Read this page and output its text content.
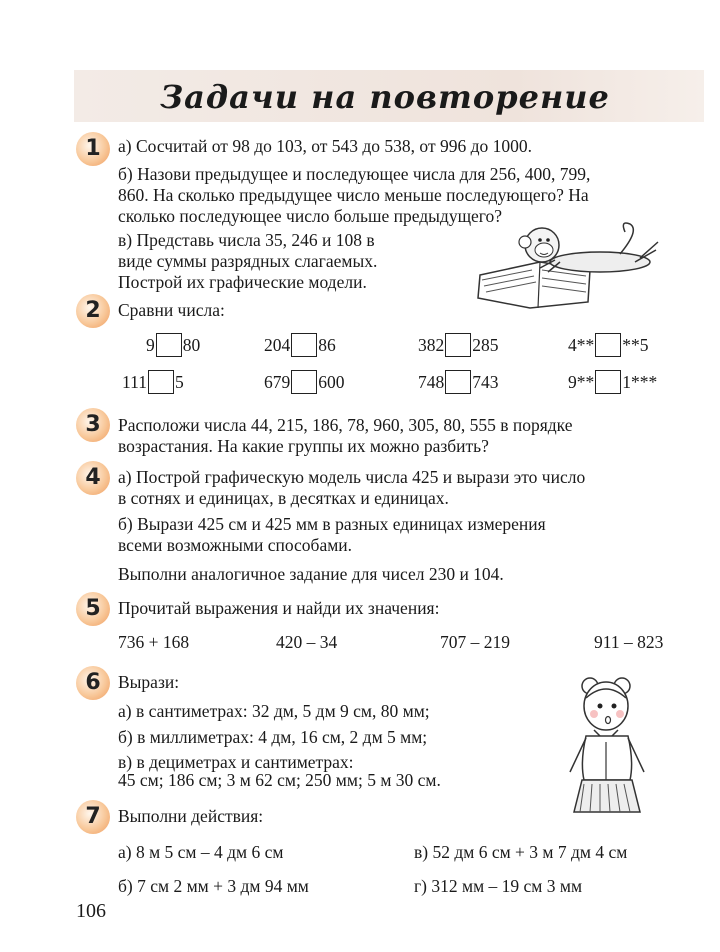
Задачи на повторение
1 а) Сосчитай от 98 до 103, от 543 до 538, от 996 до 1000.
б) Назови предыдущее и последующее числа для 256, 400, 799,
860. На сколько предыдущее число меньше последующего? На
сколько последующее число больше предыдущего?
в) Представь числа 35, 246 и 108 в
виде суммы разрядных слагаемых.
Построй их графические модели.
2 Сравни числа:
9 80	204 86	382 285	4** **5
111 5	679 600	748 743	9** 1***
3 Расположи числа 44, 215, 186, 78, 960, 305, 80, 555 в порядке
возрастания. На какие группы их можно разбить?
4 а) Построй графическую модель числа 425 и вырази это число
в сотнях и единицах, в десятках и единицах.
б) Вырази 425 см и 425 мм в разных единицах измерения
всеми возможными способами.
Выполни аналогичное задание для чисел 230 и 104.
5 Прочитай выражения и найди их значения:
736 + 168	420 – 34	707 – 219	911 – 823
6 Вырази:
а) в сантиметрах: 32 дм, 5 дм 9 см, 80 мм;
б) в миллиметрах: 4 дм, 16 см, 2 дм 5 мм;
в) в дециметрах и сантиметрах:
45 см; 186 см; 3 м 62 см; 250 мм; 5 м 30 см.
7 Выполни действия:
а) 8 м 5 см – 4 дм 6 см	в) 52 дм 6 см + 3 м 7 дм 4 см
б) 7 см 2 мм + 3 дм 94 мм	г) 312 мм – 19 см 3 мм
106
